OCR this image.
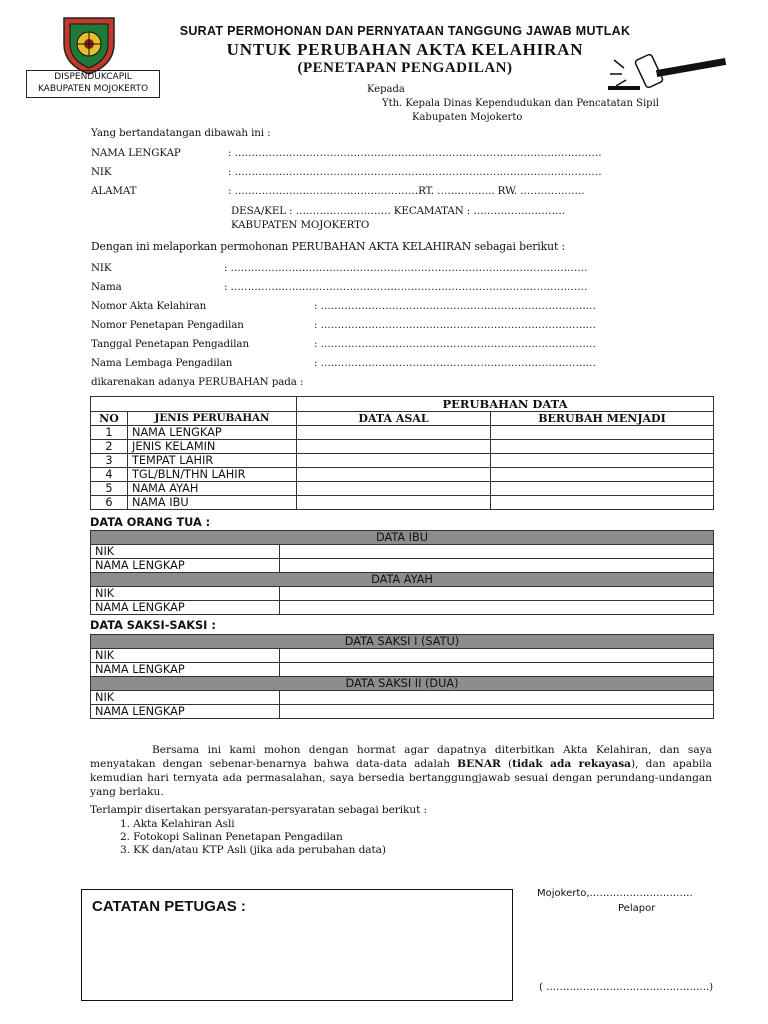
DISPENDUKCAPIL
KABUPATEN MOJOKERTO
SURAT PERMOHONAN DAN PERNYATAAN TANGGUNG JAWAB MUTLAK
UNTUK PERUBAHAN AKTA KELAHIRAN
(PENETAPAN PENGADILAN)
Kepada
Yth. Kepala Dinas Kependudukan dan Pencatatan Sipil
Kabupaten Mojokerto
Yang bertandatangan dibawah ini :
NAMA LENGKAP	: ………………………………………………………………………………………………
NIK	: ………………………………………………………………………………………………
ALAMAT	: ………………………………………………RT. …………….. RW. ……………….
DESA/KEL : ………………………. KECAMATAN : ………………………
KABUPATEN MOJOKERTO
Dengan ini melaporkan permohonan PERUBAHAN AKTA KELAHIRAN sebagai berikut :
NIK	: ……………………………………………………………………………………………
Nama	: ……………………………………………………………………………………………
Nomor Akta Kelahiran	: ………………………………………………………………………
Nomor Penetapan Pengadilan	: ………………………………………………………………………
Tanggal Penetapan Pengadilan	: ………………………………………………………………………
Nama Lembaga Pengadilan	: ………………………………………………………………………
dikarenakan adanya PERUBAHAN pada :
		PERUBAHAN DATA	
NO	JENIS PERUBAHAN	DATA ASAL	BERUBAH MENJADI
1	NAMA LENGKAP		
2	JENIS KELAMIN		
3	TEMPAT LAHIR		
4	TGL/BLN/THN LAHIR		
5	NAMA AYAH		
6	NAMA IBU		
DATA ORANG TUA :
DATA IBU	
NIK	
NAMA LENGKAP	
DATA AYAH	
NIK	
NAMA LENGKAP	
DATA SAKSI-SAKSI :
DATA SAKSI I (SATU)	
NIK	
NAMA LENGKAP	
DATA SAKSI II (DUA)	
NIK	
NAMA LENGKAP	
Bersama ini kami mohon dengan hormat agar dapatnya diterbitkan Akta Kelahiran, dan saya menyatakan dengan sebenar-benarnya bahwa data-data adalah BENAR (tidak ada rekayasa), dan apabila kemudian hari ternyata ada permasalahan, saya bersedia bertanggungjawab sesuai dengan perundang-undangan yang berlaku.
Terlampir disertakan persyaratan-persyaratan sebagai berikut :
1. Akta Kelahiran Asli
2. Fotokopi Salinan Penetapan Pengadilan
3. KK dan/atau KTP Asli (jika ada perubahan data)
CATATAN PETUGAS :
Mojokerto,………………………….
Pelapor
( ………………………………………….)
